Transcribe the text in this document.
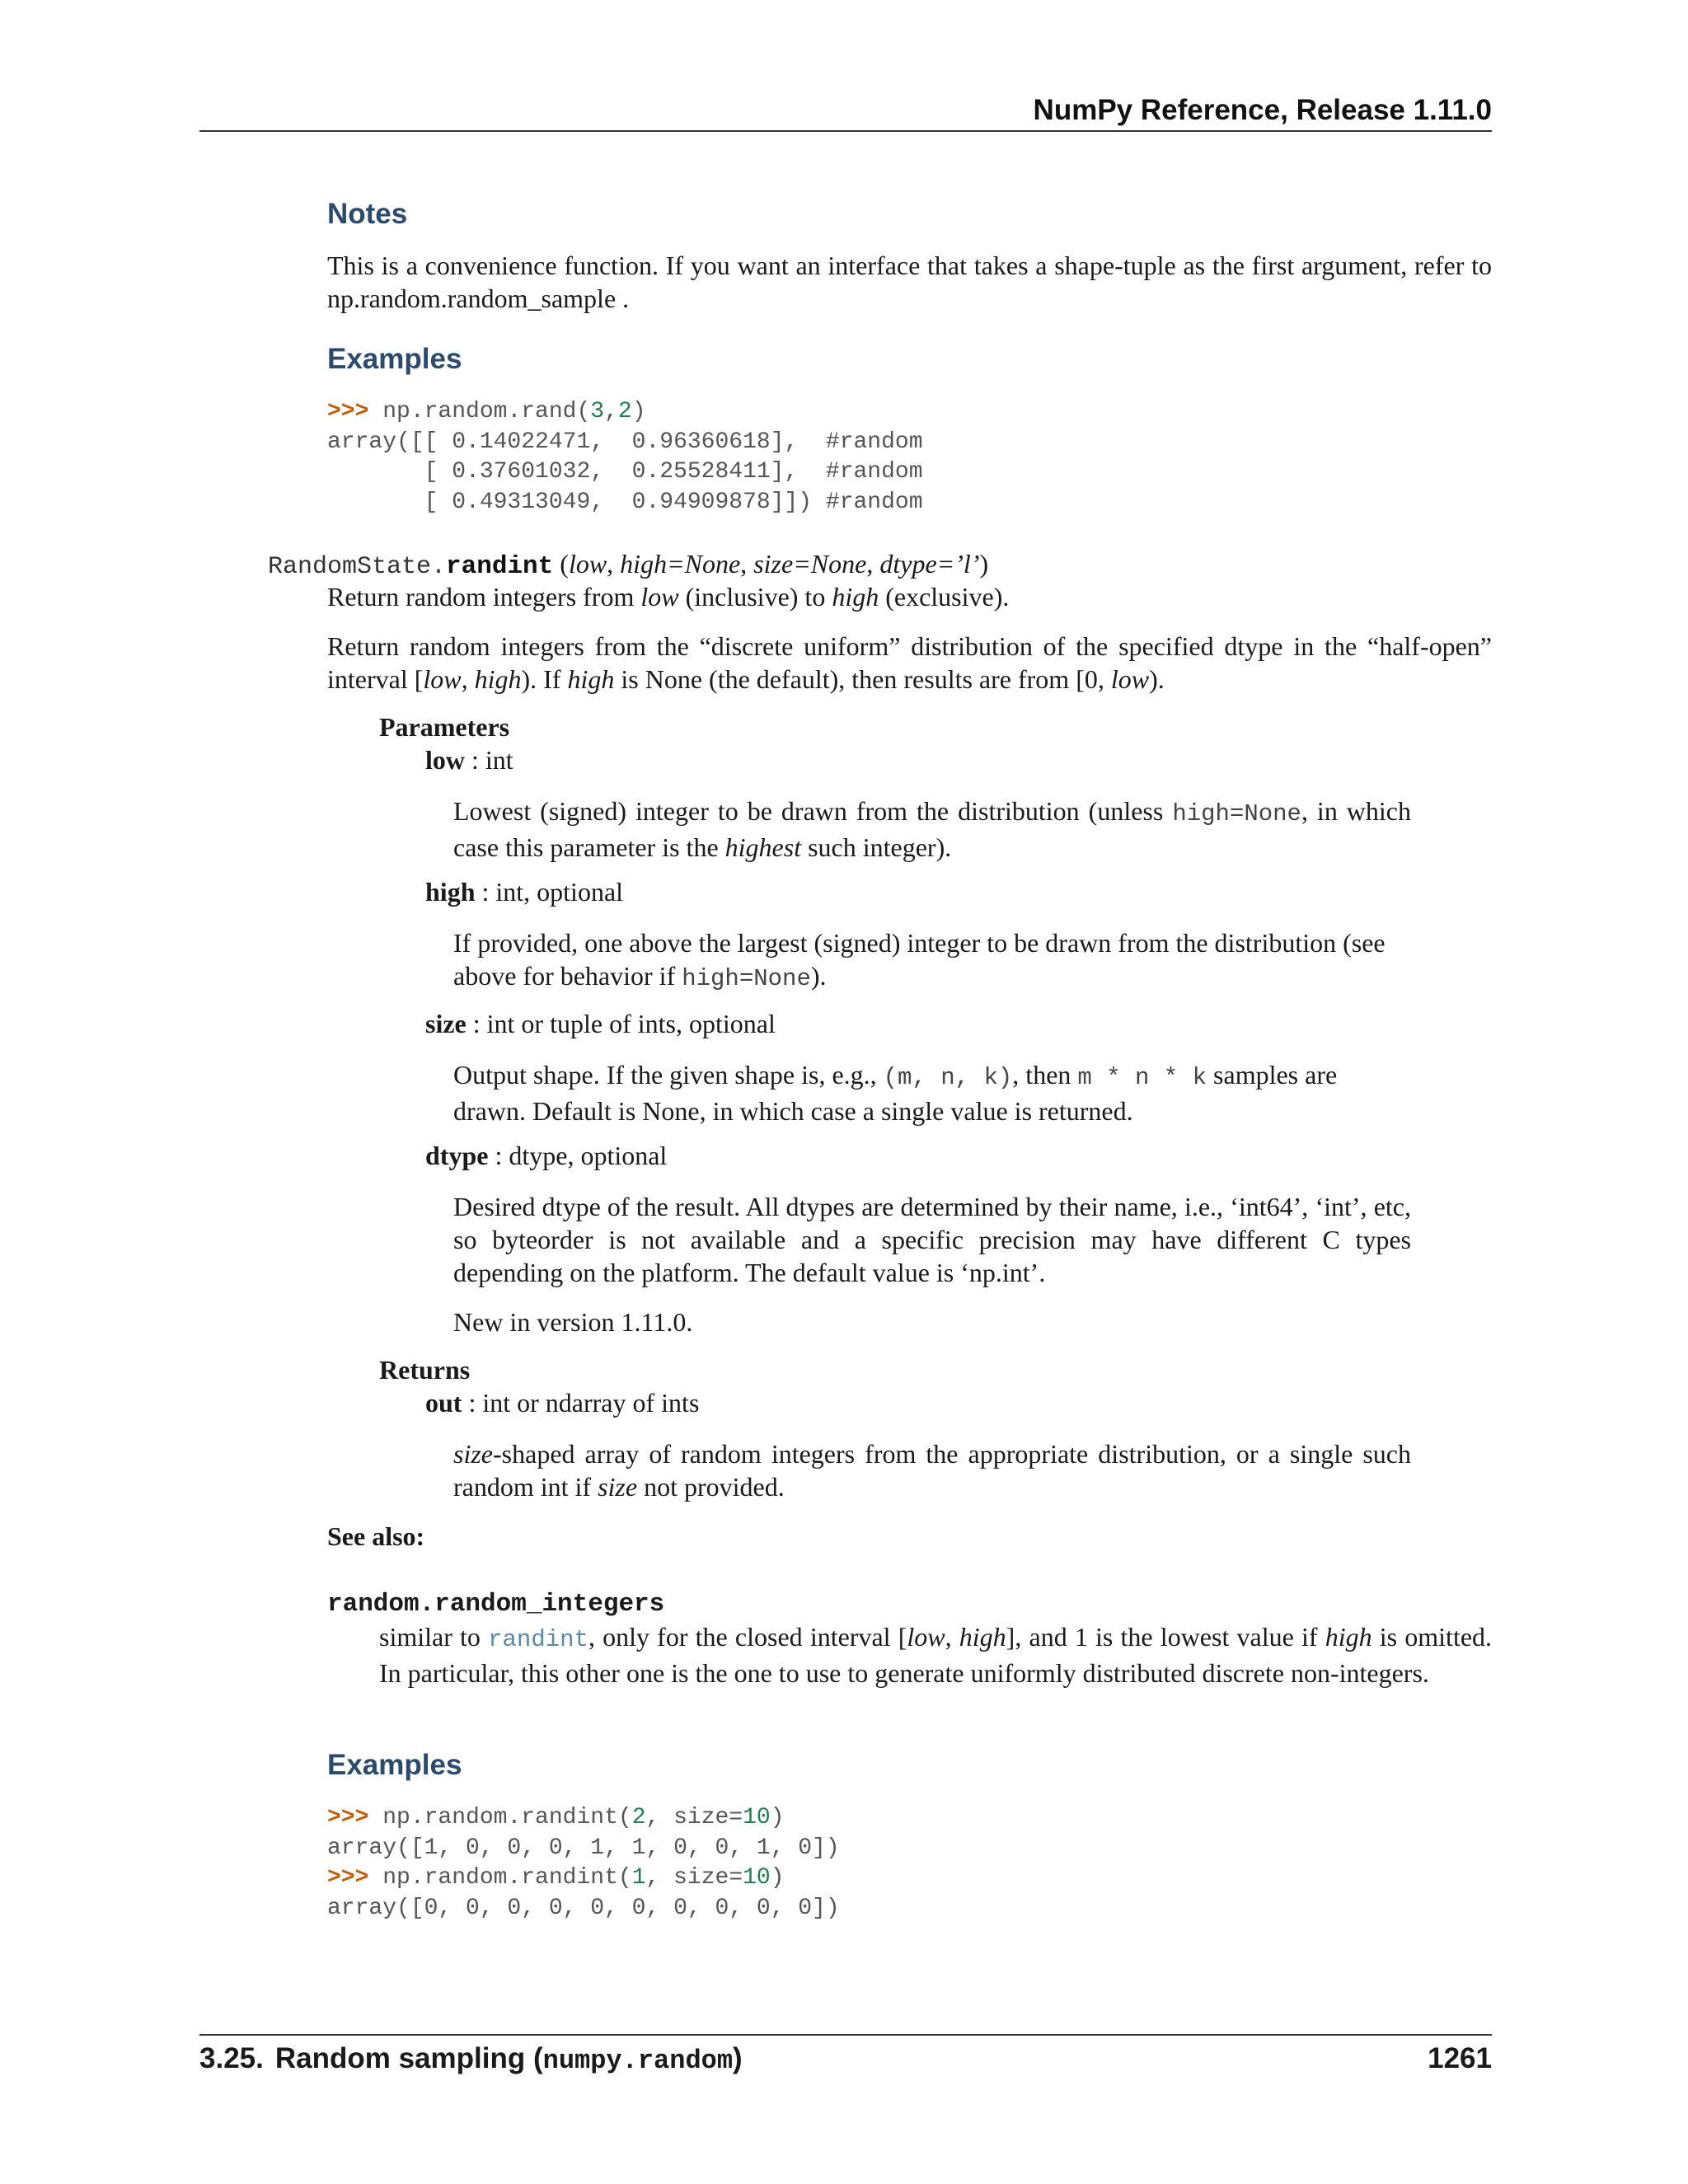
NumPy Reference, Release 1.11.0
Notes
This is a convenience function. If you want an interface that takes a shape-tuple as the first argument, refer to np.random.random_sample .
Examples
>>> np.random.rand(3,2)
array([[ 0.14022471,  0.96360618],  #random
[ 0.37601032,  0.25528411],  #random
[ 0.49313049,  0.94909878]]) #random
RandomState.randint (low, high=None, size=None, dtype=’l’)
Return random integers from low (inclusive) to high (exclusive).
Return random integers from the “discrete uniform” distribution of the specified dtype in the “half-open” interval [low, high). If high is None (the default), then results are from [0, low).
Parameters
low : int
Lowest (signed) integer to be drawn from the distribution (unless high=None, in which case this parameter is the highest such integer).
high : int, optional
If provided, one above the largest (signed) integer to be drawn from the distribution (see above for behavior if high=None).
size : int or tuple of ints, optional
Output shape. If the given shape is, e.g., (m, n, k), then m * n * k samples are drawn. Default is None, in which case a single value is returned.
dtype : dtype, optional
Desired dtype of the result. All dtypes are determined by their name, i.e., ‘int64’, ‘int’, etc, so byteorder is not available and a specific precision may have different C types depending on the platform. The default value is ‘np.int’.
New in version 1.11.0.
Returns
out : int or ndarray of ints
size-shaped array of random integers from the appropriate distribution, or a single such random int if size not provided.
See also:
random.random_integers
similar to randint, only for the closed interval [low, high], and 1 is the lowest value if high is omitted. In particular, this other one is the one to use to generate uniformly distributed discrete non-integers.
Examples
>>> np.random.randint(2, size=10)
array([1, 0, 0, 0, 1, 1, 0, 0, 1, 0])
>>> np.random.randint(1, size=10)
array([0, 0, 0, 0, 0, 0, 0, 0, 0, 0])
3.25. Random sampling (numpy.random)	1261
